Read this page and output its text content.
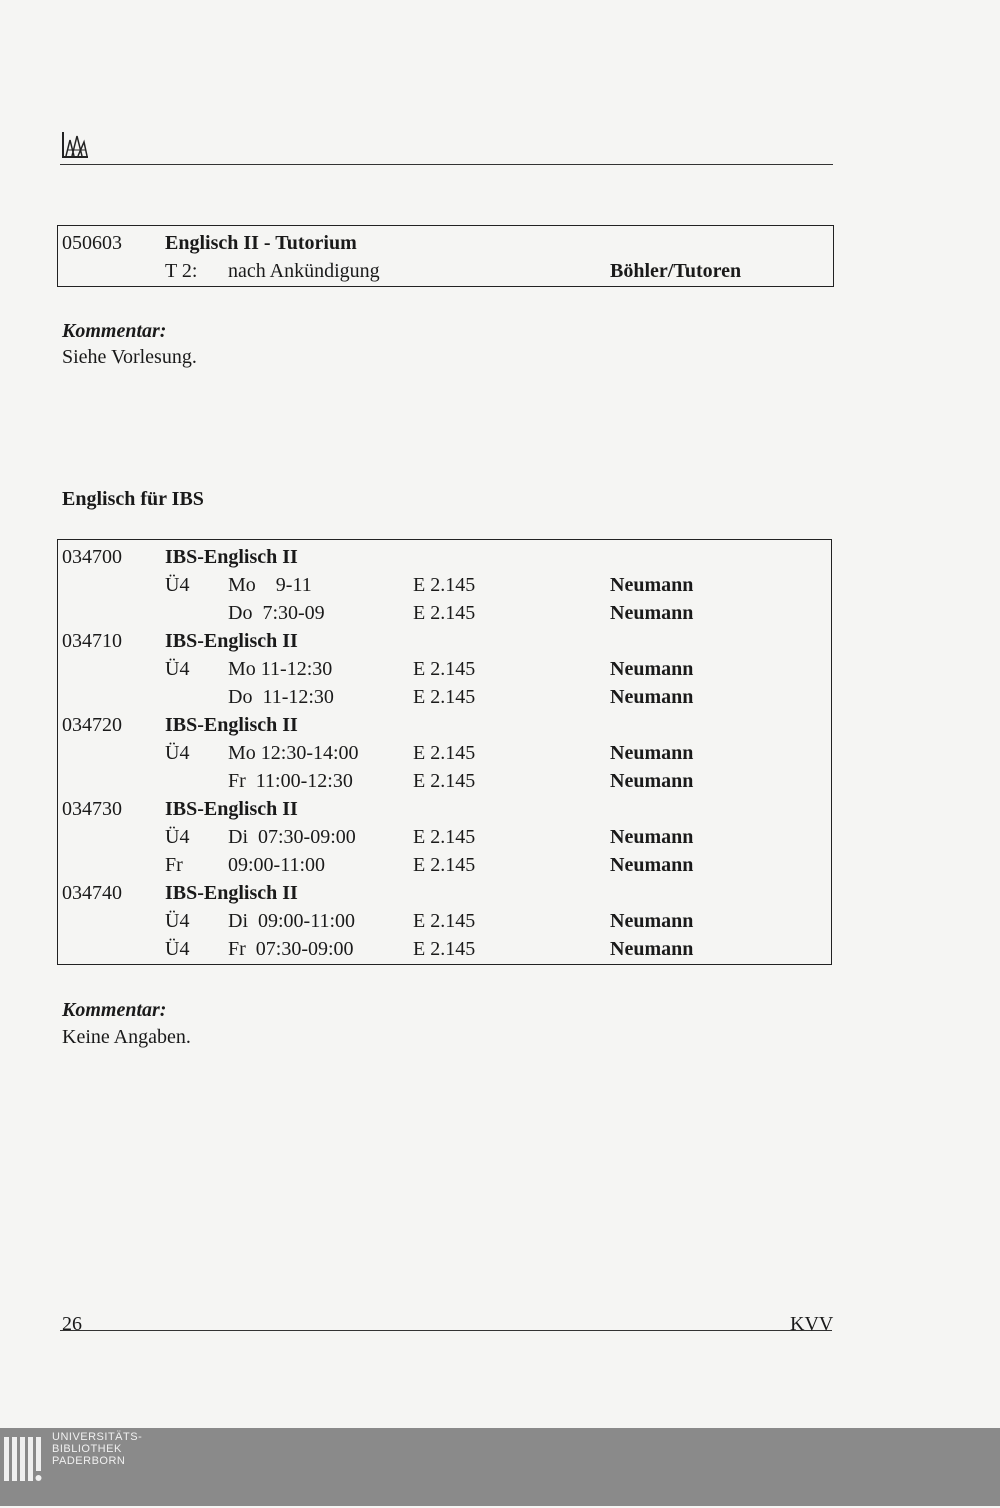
050603 Englisch II - Tutorium
T 2: nach Ankündigung	Böhler/Tutoren
Kommentar:
Siehe Vorlesung.
Englisch für IBS
034700 IBS-Englisch II
Ü4 Mo    9-11	E 2.145	Neumann
Do  7:30-09	E 2.145	Neumann
034710 IBS-Englisch II
Ü4 Mo 11-12:30	E 2.145	Neumann
Do  11-12:30	E 2.145	Neumann
034720 IBS-Englisch II
Ü4 Mo 12:30-14:00	E 2.145	Neumann
Fr  11:00-12:30	E 2.145	Neumann
034730 IBS-Englisch II
Ü4 Di  07:30-09:00	E 2.145	Neumann
Fr 09:00-11:00	E 2.145	Neumann
034740 IBS-Englisch II
Ü4 Di  09:00-11:00	E 2.145	Neumann
Ü4 Fr  07:30-09:00	E 2.145	Neumann
Kommentar:
Keine Angaben.
26	KVV
UNIVERSITÄTS-
BIBLIOTHEK
PADERBORN
